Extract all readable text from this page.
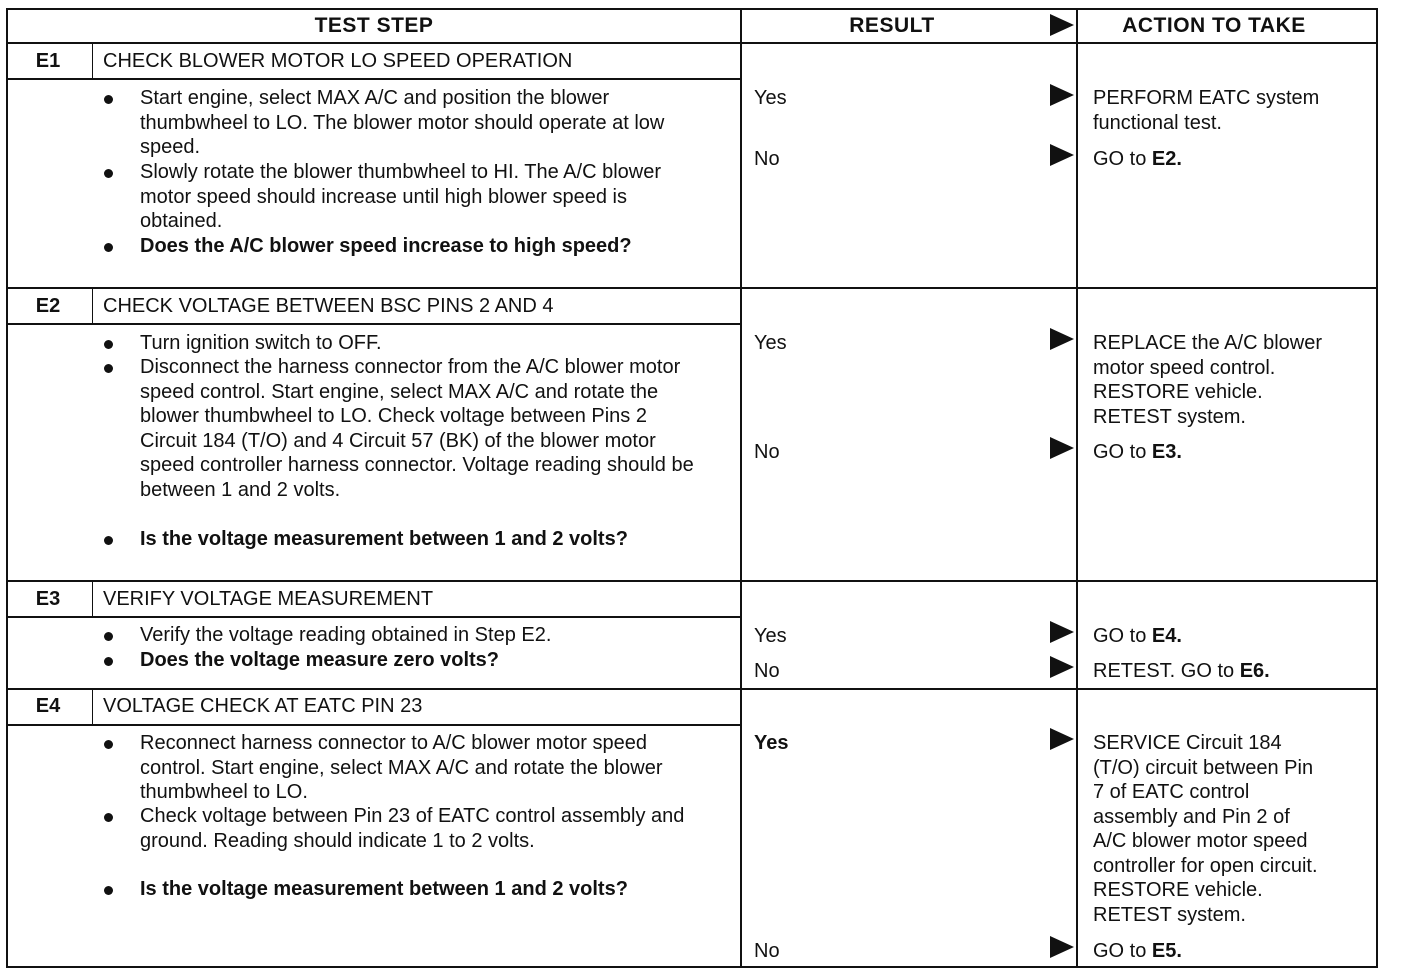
TEST STEP	RESULT	ACTION TO TAKE
E1	CHECK BLOWER MOTOR LO SPEED OPERATION
Start engine, select MAX A/C and position the blower thumbwheel to LO. The blower motor should operate at low speed.
Slowly rotate the blower thumbwheel to HI. The A/C blower motor speed should increase until high blower speed is obtained.
Does the A/C blower speed increase to high speed?
Yes	PERFORM EATC system
functional test.
No	GO to E2.
E2	CHECK VOLTAGE BETWEEN BSC PINS 2 AND 4
Turn ignition switch to OFF.
Disconnect the harness connector from the A/C blower motor speed control. Start engine, select MAX A/C and rotate the blower thumbwheel to LO. Check voltage between Pins 2 Circuit 184 (T/O) and 4 Circuit 57 (BK) of the blower motor speed controller harness connector. Voltage reading should be between 1 and 2 volts.
Is the voltage measurement between 1 and 2 volts?
Yes	REPLACE the A/C blower
motor speed control.
RESTORE vehicle.
RETEST system.
No	GO to E3.
E3	VERIFY VOLTAGE MEASUREMENT
Verify the voltage reading obtained in Step E2.
Does the voltage measure zero volts?
Yes	GO to E4.
No	RETEST. GO to E6.
E4	VOLTAGE CHECK AT EATC PIN 23
Reconnect harness connector to A/C blower motor speed control. Start engine, select MAX A/C and rotate the blower thumbwheel to LO.
Check voltage between Pin 23 of EATC control assembly and ground. Reading should indicate 1 to 2 volts.
Is the voltage measurement between 1 and 2 volts?
Yes	SERVICE Circuit 184
(T/O) circuit between Pin
7 of EATC control
assembly and Pin 2 of
A/C blower motor speed
controller for open circuit.
RESTORE vehicle.
RETEST system.
No	GO to E5.
